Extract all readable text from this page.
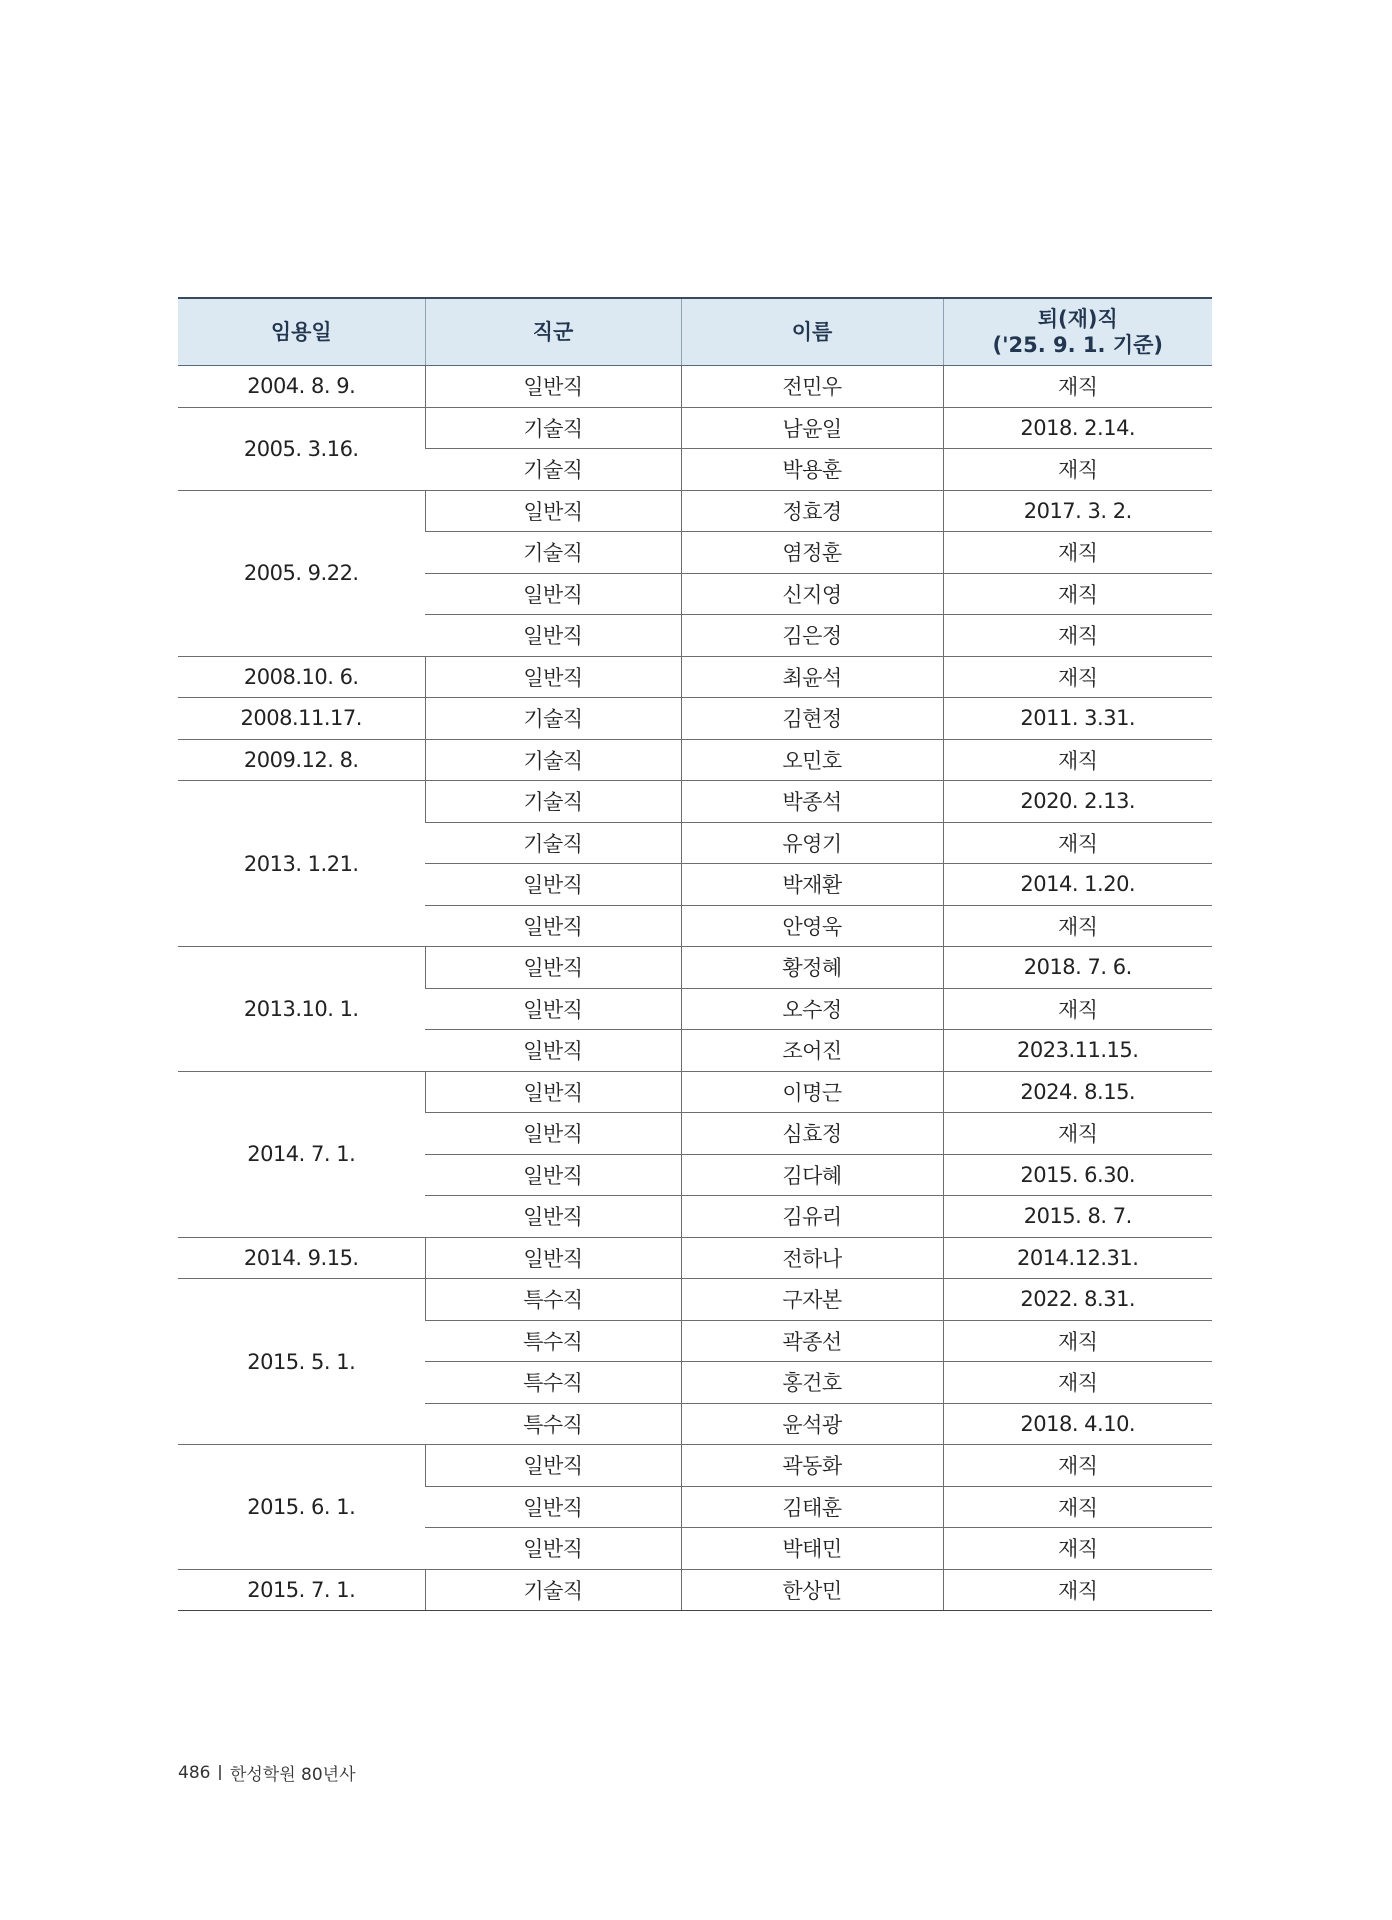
임용일	직군	이름	퇴(재)직
('25. 9. 1. 기준)

2004. 8. 9.	일반직	전민우	재직
2005. 3.16.	기술직	남윤일	2018. 2.14.
	기술직	박용훈	재직
2005. 9.22.	일반직	정효경	2017. 3. 2.
	기술직	염정훈	재직
	일반직	신지영	재직
	일반직	김은정	재직
2008.10. 6.	일반직	최윤석	재직
2008.11.17.	기술직	김현정	2011. 3.31.
2009.12. 8.	기술직	오민호	재직
2013. 1.21.	기술직	박종석	2020. 2.13.
	기술직	유영기	재직
	일반직	박재환	2014. 1.20.
	일반직	안영욱	재직
2013.10. 1.	일반직	황정혜	2018. 7. 6.
	일반직	오수정	재직
	일반직	조어진	2023.11.15.
2014. 7. 1.	일반직	이명근	2024. 8.15.
	일반직	심효정	재직
	일반직	김다혜	2015. 6.30.
	일반직	김유리	2015. 8. 7.
2014. 9.15.	일반직	전하나	2014.12.31.
2015. 5. 1.	특수직	구자본	2022. 8.31.
	특수직	곽종선	재직
	특수직	홍건호	재직
	특수직	윤석광	2018. 4.10.
2015. 6. 1.	일반직	곽동화	재직
	일반직	김태훈	재직
	일반직	박태민	재직
2015. 7. 1.	기술직	한상민	재직
486 한성학원 80년사
